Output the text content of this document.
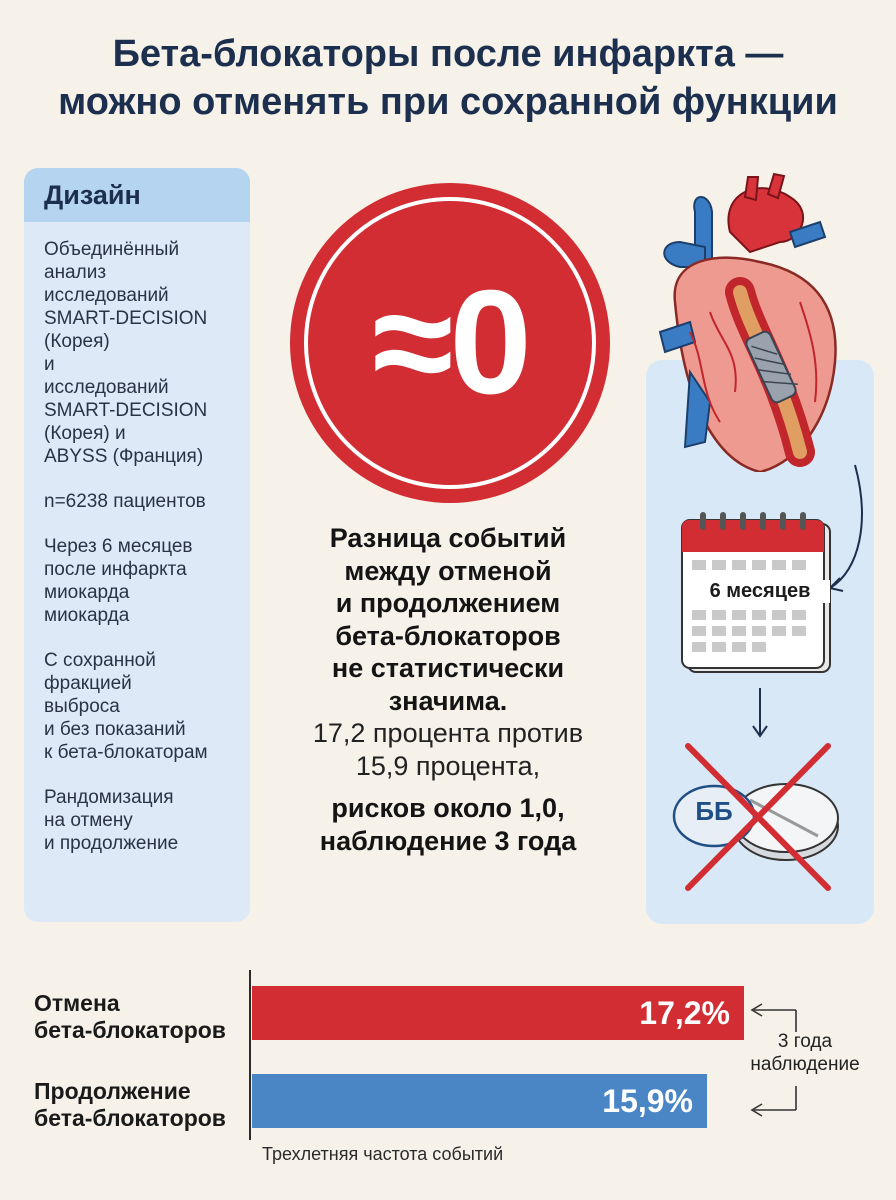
Бета-блокаторы после инфаркта —
можно отменять при сохранной функции
Дизайн
Объединённый
анализ
исследований
SMART-DECISION
(Корея)
и
исследований
SMART-DECISION
(Корея) и
ABYSS (Франция)
n=6238 пациентов
Через 6 месяцев
после инфаркта
миокарда
миокарда
С сохранной
фракцией
выброса
и без показаний
к бета-блокаторам
Рандомизация
на отмену
и продолжение
≈0
Разница событий
между отменой
и продолжением
бета-блокаторов
не статистически
значима.
17,2 процента против
15,9 процента,
рисков около 1,0,
наблюдение 3 года
6 месяцев
ББ
Отмена
бета-блокаторов
Продолжение
бета-блокаторов
17,2%
15,9%
3 года
наблюдение
Трехлетняя частота событий
